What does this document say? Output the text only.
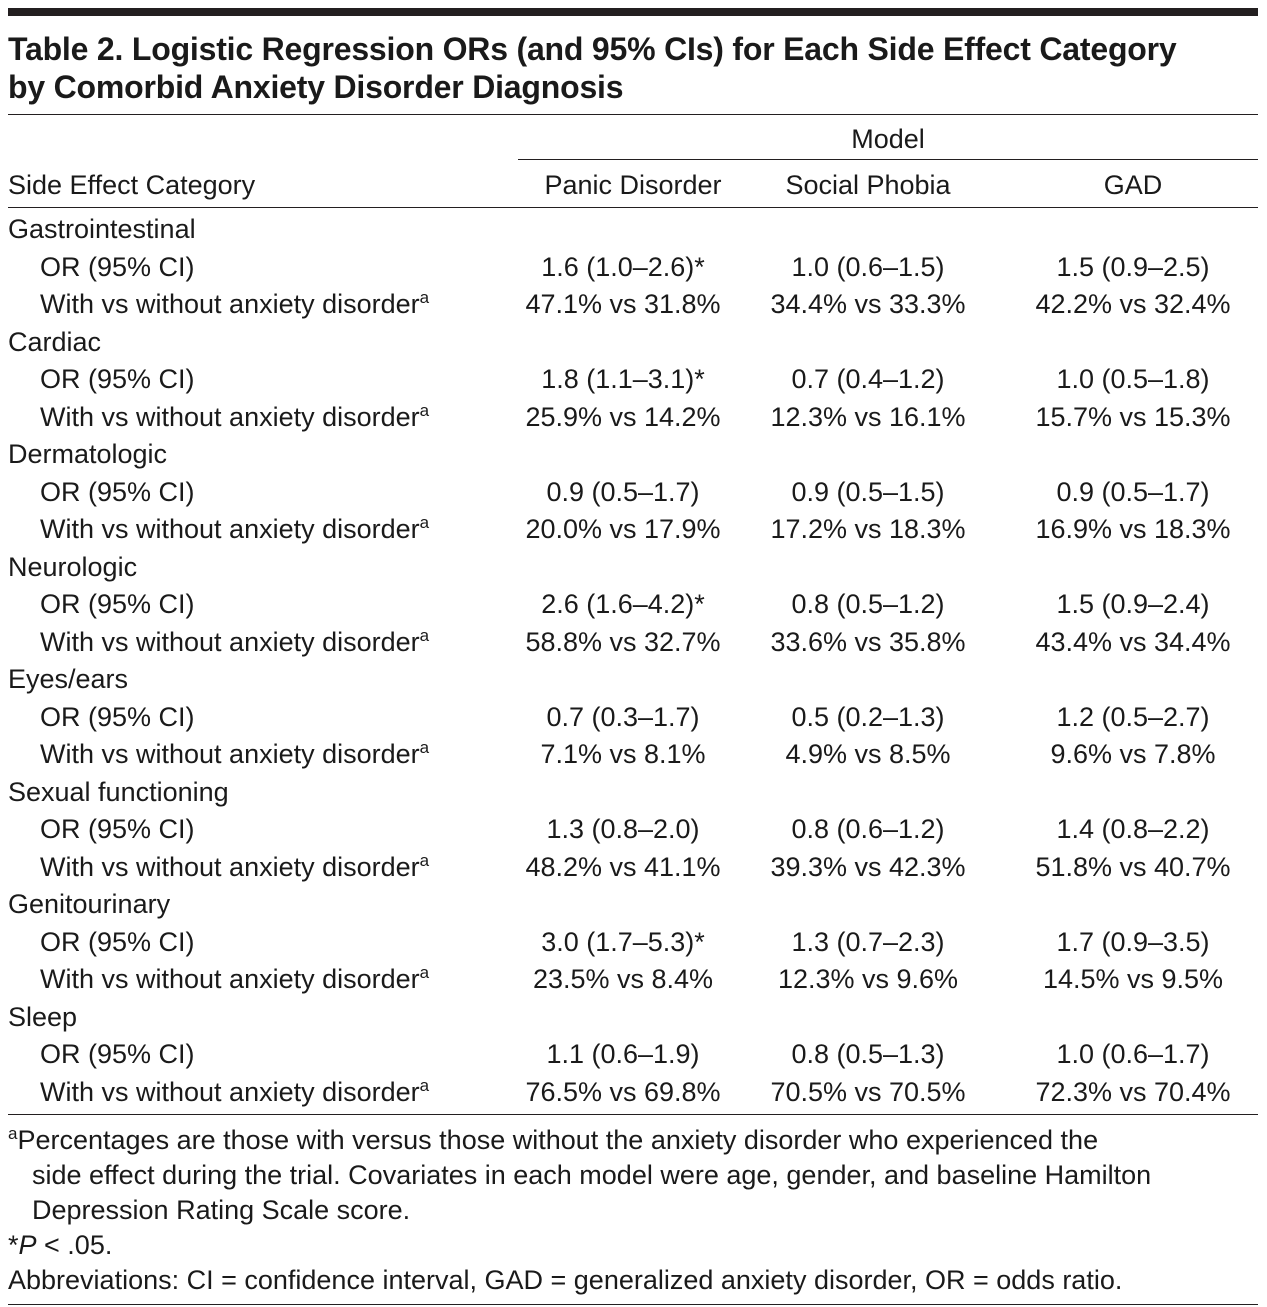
Table 2. Logistic Regression ORs (and 95% CIs) for Each Side Effect Category
by Comorbid Anxiety Disorder Diagnosis
Model
Side Effect Category	Panic Disorder	Social Phobia	GAD
Gastrointestinal
OR (95% CI)	1.6 (1.0–2.6)*	1.0 (0.6–1.5)	1.5 (0.9–2.5)
With vs without anxiety disorder$^a$	47.1% vs 31.8%	34.4% vs 33.3%	42.2% vs 32.4%
Cardiac
OR (95% CI)	1.8 (1.1–3.1)*	0.7 (0.4–1.2)	1.0 (0.5–1.8)
With vs without anxiety disorder$^a$	25.9% vs 14.2%	12.3% vs 16.1%	15.7% vs 15.3%
Dermatologic
OR (95% CI)	0.9 (0.5–1.7)	0.9 (0.5–1.5)	0.9 (0.5–1.7)
With vs without anxiety disorder$^a$	20.0% vs 17.9%	17.2% vs 18.3%	16.9% vs 18.3%
Neurologic
OR (95% CI)	2.6 (1.6–4.2)*	0.8 (0.5–1.2)	1.5 (0.9–2.4)
With vs without anxiety disorder$^a$	58.8% vs 32.7%	33.6% vs 35.8%	43.4% vs 34.4%
Eyes/ears
OR (95% CI)	0.7 (0.3–1.7)	0.5 (0.2–1.3)	1.2 (0.5–2.7)
With vs without anxiety disorder$^a$	7.1% vs 8.1%	4.9% vs 8.5%	9.6% vs 7.8%
Sexual functioning
OR (95% CI)	1.3 (0.8–2.0)	0.8 (0.6–1.2)	1.4 (0.8–2.2)
With vs without anxiety disorder$^a$	48.2% vs 41.1%	39.3% vs 42.3%	51.8% vs 40.7%
Genitourinary
OR (95% CI)	3.0 (1.7–5.3)*	1.3 (0.7–2.3)	1.7 (0.9–3.5)
With vs without anxiety disorder$^a$	23.5% vs 8.4%	12.3% vs 9.6%	14.5% vs 9.5%
Sleep
OR (95% CI)	1.1 (0.6–1.9)	0.8 (0.5–1.3)	1.0 (0.6–1.7)
With vs without anxiety disorder$^a$	76.5% vs 69.8%	70.5% vs 70.5%	72.3% vs 70.4%
$^a$Percentages are those with versus those without the anxiety disorder who experienced the
side effect during the trial. Covariates in each model were age, gender, and baseline Hamilton
Depression Rating Scale score.
*P < .05.
Abbreviations: CI = confidence interval, GAD = generalized anxiety disorder, OR = odds ratio.
